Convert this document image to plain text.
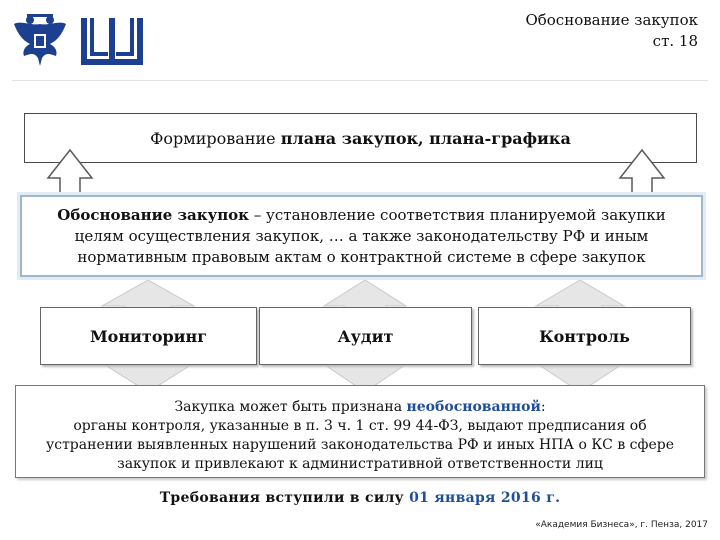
Обоснование закупок
ст. 18
Формирование плана закупок, плана-графика
Обоснование закупок – установление соответствия планируемой закупки целям осуществления закупок, … а также законодательству РФ и иным нормативным правовым актам о контрактной системе в сфере закупок
Мониторинг	Аудит	Контроль
Закупка может быть признана необоснованной:
органы контроля, указанные в п. 3 ч. 1 ст. 99 44-ФЗ, выдают предписания об устранении выявленных нарушений законодательства РФ и иных НПА о КС в сфере закупок и привлекают к административной ответственности лиц
Требования вступили в силу 01 января 2016 г.
«Академия Бизнеса», г. Пенза, 2017
